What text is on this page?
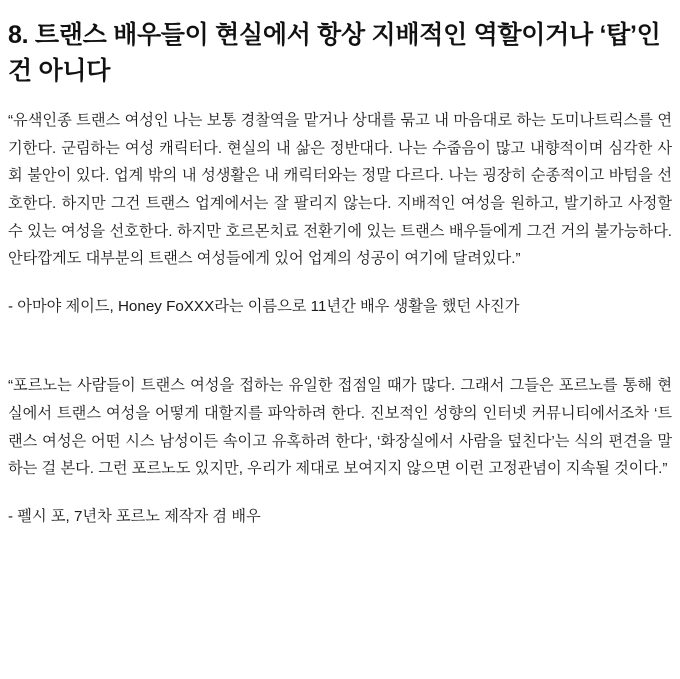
8. 트랜스 배우들이 현실에서 항상 지배적인 역할이거나 ‘탑’인 건 아니다

“유색인종 트랜스 여성인 나는 보통 경찰역을 맡거나 상대를 묶고 내 마음대로 하는 도미나트릭스를 연기한다. 군림하는 여성 캐릭터다. 현실의 내 삶은 정반대다. 나는 수줍음이 많고 내향적이며 심각한 사회 불안이 있다. 업계 밖의 내 성생활은 내 캐릭터와는 정말 다르다. 나는 굉장히 순종적이고 바텀을 선호한다. 하지만 그건 트랜스 업계에서는 잘 팔리지 않는다. 지배적인 여성을 원하고, 발기하고 사정할 수 있는 여성을 선호한다. 하지만 호르몬치료 전환기에 있는 트랜스 배우들에게 그건 거의 불가능하다. 안타깝게도 대부분의 트랜스 여성들에게 있어 업계의 성공이 여기에 달려있다.”

- 아마야 제이드, Honey FoXXX라는 이름으로 11년간 배우 생활을 했던 사진가

“포르노는 사람들이 트랜스 여성을 접하는 유일한 접점일 때가 많다. 그래서 그들은 포르노를 통해 현실에서 트랜스 여성을 어떻게 대할지를 파악하려 한다. 진보적인 성향의 인터넷 커뮤니티에서조차 ‘트랜스 여성은 어떤 시스 남성이든 속이고 유혹하려 한다‘, ‘화장실에서 사람을 덮친다’는 식의 편견을 말하는 걸 본다. 그런 포르노도 있지만, 우리가 제대로 보여지지 않으면 이런 고정관념이 지속될 것이다.”

- 펠시 포, 7년차 포르노 제작자 겸 배우
